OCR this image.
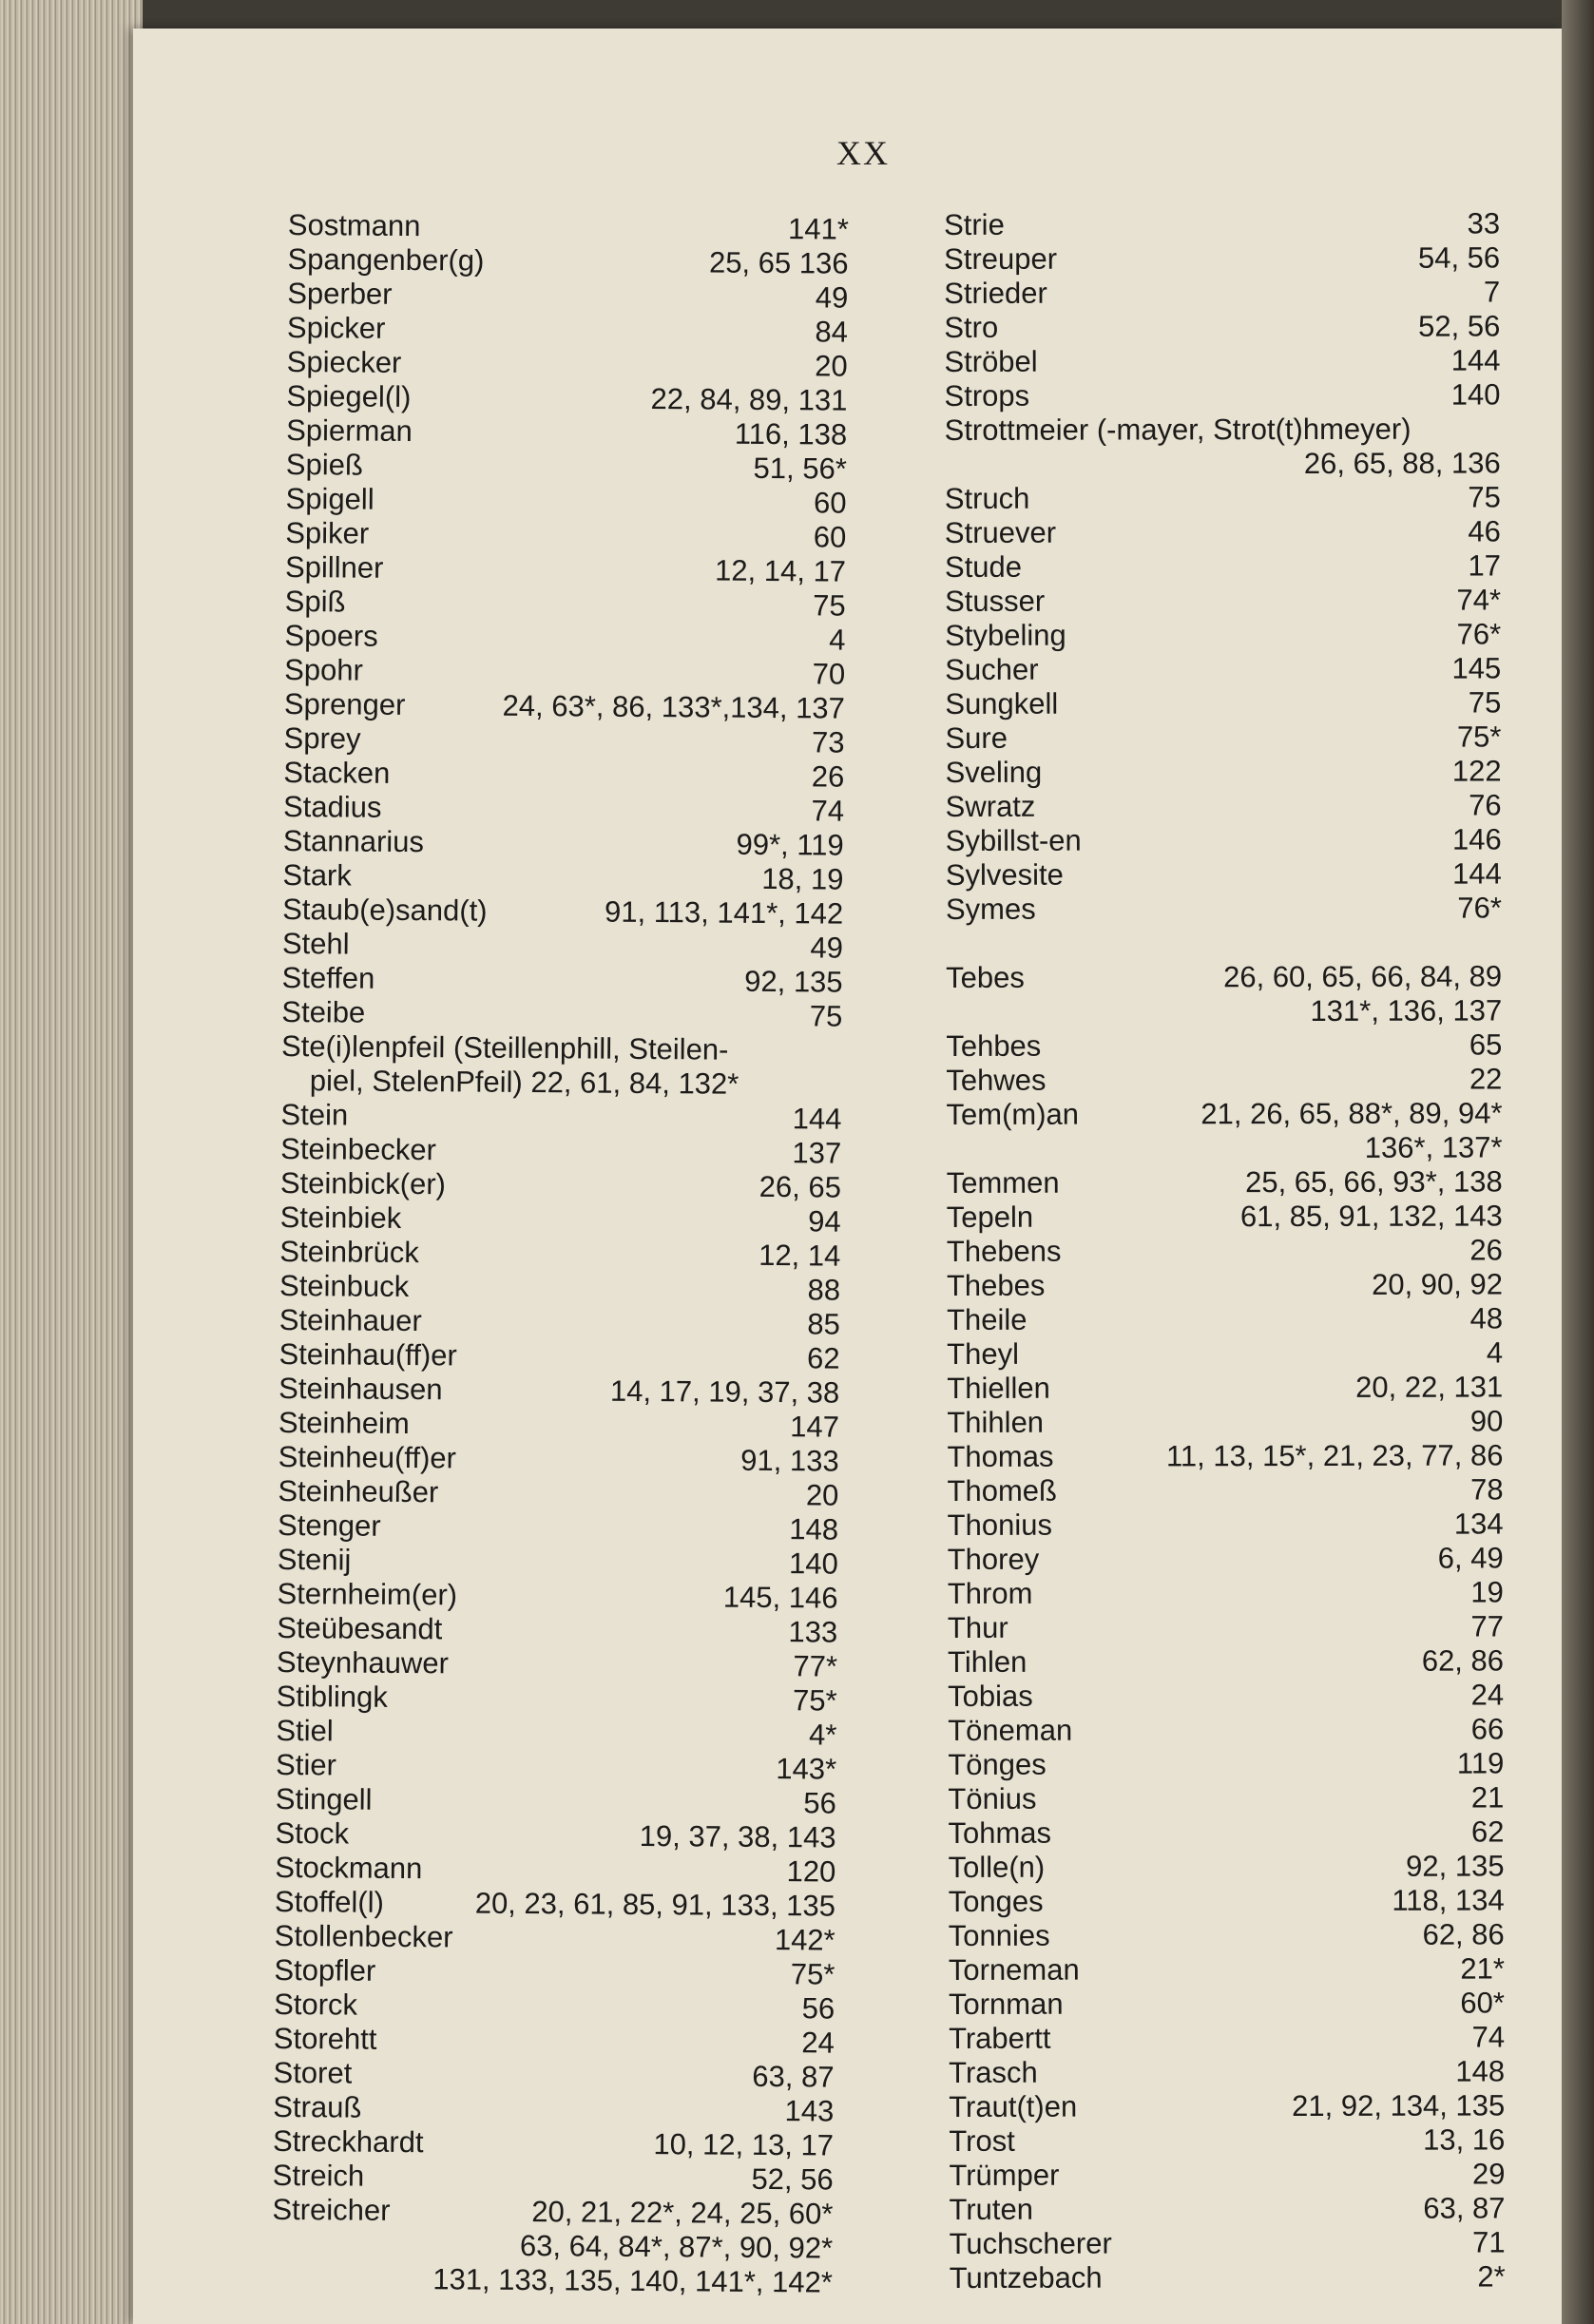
XX
Sostmann	141*
Spangenber(g)	25, 65 136
Sperber	49
Spicker	84
Spiecker	20
Spiegel(l)	22, 84, 89, 131
Spierman	116, 138
Spieß	51, 56*
Spigell	60
Spiker	60
Spillner	12, 14, 17
Spiß	75
Spoers	4
Spohr	70
Sprenger	24, 63*, 86, 133*,134, 137
Sprey	73
Stacken	26
Stadius	74
Stannarius	99*, 119
Stark	18, 19
Staub(e)sand(t)	91, 113, 141*, 142
Stehl	49
Steffen	92, 135
Steibe	75
Ste(i)lenpfeil (Steillenphill, Steilen-
piel, StelenPfeil) 22, 61, 84, 132*
Stein	144
Steinbecker	137
Steinbick(er)	26, 65
Steinbiek	94
Steinbrück	12, 14
Steinbuck	88
Steinhauer	85
Steinhau(ff)er	62
Steinhausen	14, 17, 19, 37, 38
Steinheim	147
Steinheu(ff)er	91, 133
Steinheußer	20
Stenger	148
Stenij	140
Sternheim(er)	145, 146
Steübesandt	133
Steynhauwer	77*
Stiblingk	75*
Stiel	4*
Stier	143*
Stingell	56
Stock	19, 37, 38, 143
Stockmann	120
Stoffel(l)	20, 23, 61, 85, 91, 133, 135
Stollenbecker	142*
Stopfler	75*
Storck	56
Storehtt	24
Storet	63, 87
Strauß	143
Streckhardt	10, 12, 13, 17
Streich	52, 56
Streicher	20, 21, 22*, 24, 25, 60*
63, 64, 84*, 87*, 90, 92*
131, 133, 135, 140, 141*, 142*
Strie	33
Streuper	54, 56
Strieder	7
Stro	52, 56
Ströbel	144
Strops	140
Strottmeier (-mayer, Strot(t)hmeyer)
26, 65, 88, 136
Struch	75
Struever	46
Stude	17
Stusser	74*
Stybeling	76*
Sucher	145
Sungkell	75
Sure	75*
Sveling	122
Swratz	76
Sybillst-en	146
Sylvesite	144
Symes	76*
Tebes	26, 60, 65, 66, 84, 89
131*, 136, 137
Tehbes	65
Tehwes	22
Tem(m)an	21, 26, 65, 88*, 89, 94*
136*, 137*
Temmen	25, 65, 66, 93*, 138
Tepeln	61, 85, 91, 132, 143
Thebens	26
Thebes	20, 90, 92
Theile	48
Theyl	4
Thiellen	20, 22, 131
Thihlen	90
Thomas	11, 13, 15*, 21, 23, 77, 86
Thomeß	78
Thonius	134
Thorey	6, 49
Throm	19
Thur	77
Tihlen	62, 86
Tobias	24
Töneman	66
Tönges	119
Tönius	21
Tohmas	62
Tolle(n)	92, 135
Tonges	118, 134
Tonnies	62, 86
Torneman	21*
Tornman	60*
Trabertt	74
Trasch	148
Traut(t)en	21, 92, 134, 135
Trost	13, 16
Trümper	29
Truten	63, 87
Tuchscherer	71
Tuntzebach	2*
